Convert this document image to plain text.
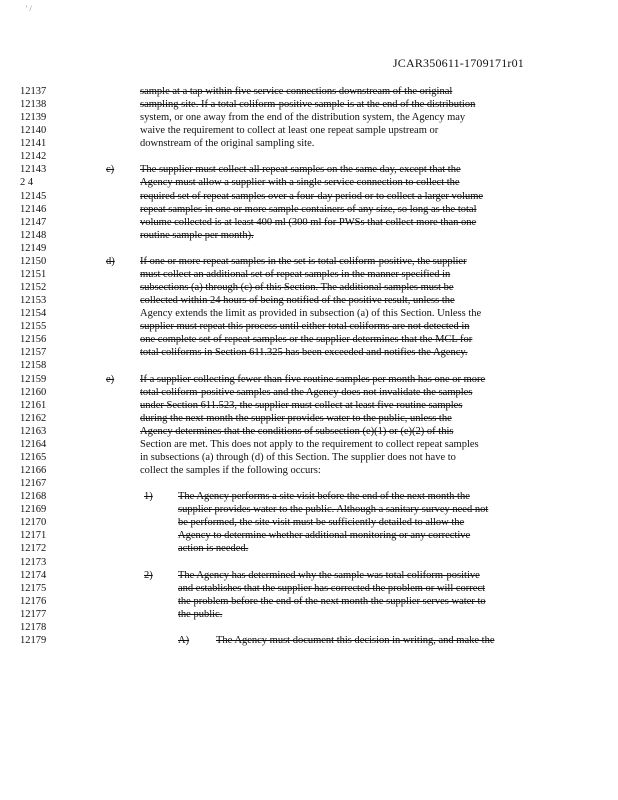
' /
JCAR350611-1709171r01
12137	sample at a tap within five service connections downstream of the original
12138	sampling site. If a total coliform-positive sample is at the end of the distribution
12139	system, or one away from the end of the distribution system, the Agency may
12140	waive the requirement to collect at least one repeat sample upstream or
12141	downstream of the original sampling site.
12142
12143	c) The supplier must collect all repeat samples on the same day, except that the
2 4	Agency must allow a supplier with a single service connection to collect the
12145	required set of repeat samples over a four-day period or to collect a larger volume
12146	repeat samples in one or more sample containers of any size, so long as the total
12147	volume collected is at least 400 ml (300 ml for PWSs that collect more than one
12148	routine sample per month).
12149
12150	d) If one or more repeat samples in the set is total coliform-positive, the supplier
12151	must collect an additional set of repeat samples in the manner specified in
12152	subsections (a) through (c) of this Section. The additional samples must be
12153	collected within 24 hours of being notified of the positive result, unless the
12154	Agency extends the limit as provided in subsection (a) of this Section. Unless the
12155	supplier must repeat this process until either total coliforms are not detected in
12156	one complete set of repeat samples or the supplier determines that the MCL for
12157	total coliforms in Section 611.325 has been exceeded and notifies the Agency.
12158
12159	e) If a supplier collecting fewer than five routine samples per month has one or more
12160	total coliform-positive samples and the Agency does not invalidate the samples
12161	under Section 611.523, the supplier must collect at least five routine samples
12162	during the next month the supplier provides water to the public, unless the
12163	Agency determines that the conditions of subsection (e)(1) or (e)(2) of this
12164	Section are met. This does not apply to the requirement to collect repeat samples
12165	in subsections (a) through (d) of this Section. The supplier does not have to
12166	collect the samples if the following occurs:
12167
12168	1) The Agency performs a site visit before the end of the next month the
12169	supplier provides water to the public. Although a sanitary survey need not
12170	be performed, the site visit must be sufficiently detailed to allow the
12171	Agency to determine whether additional monitoring or any corrective
12172	action is needed.
12173
12174	2) The Agency has determined why the sample was total coliform-positive
12175	and establishes that the supplier has corrected the problem or will correct
12176	the problem before the end of the next month the supplier serves water to
12177	the public.
12178
12179	A)	The Agency must document this decision in writing, and make the
